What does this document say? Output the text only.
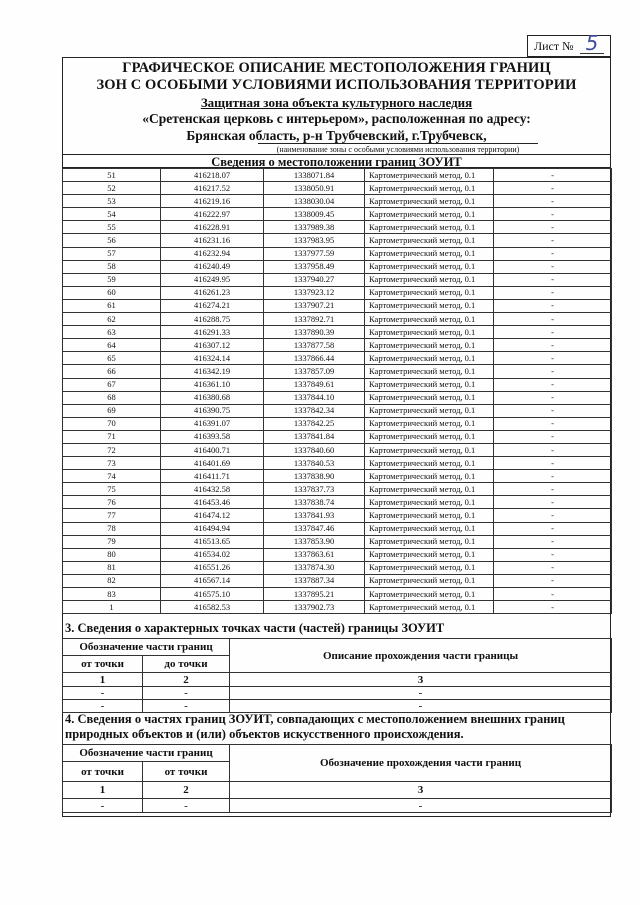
Лист № 5
ГРАФИЧЕСКОЕ ОПИСАНИЕ МЕСТОПОЛОЖЕНИЯ ГРАНИЦ
ЗОН С ОСОБЫМИ УСЛОВИЯМИ ИСПОЛЬЗОВАНИЯ ТЕРРИТОРИИ
Защитная зона объекта культурного наследия
«Сретенская церковь с интерьером», расположенная по адресу:
Брянская область, р-н Трубчевский, г.Трубчевск,
(наименование зоны с особыми условиями использования территории)
Сведения о местоположении границ ЗОУИТ
51	416218.07	1338071.84	Картометрический метод, 0.1	-
52	416217.52	1338050.91	Картометрический метод, 0.1	-
53	416219.16	1338030.04	Картометрический метод, 0.1	-
54	416222.97	1338009.45	Картометрический метод, 0.1	-
55	416228.91	1337989.38	Картометрический метод, 0.1	-
56	416231.16	1337983.95	Картометрический метод, 0.1	-
57	416232.94	1337977.59	Картометрический метод, 0.1	-
58	416240.49	1337958.49	Картометрический метод, 0.1	-
59	416249.95	1337940.27	Картометрический метод, 0.1	-
60	416261.23	1337923.12	Картометрический метод, 0.1	-
61	416274.21	1337907.21	Картометрический метод, 0.1	-
62	416288.75	1337892.71	Картометрический метод, 0.1	-
63	416291.33	1337890.39	Картометрический метод, 0.1	-
64	416307.12	1337877.58	Картометрический метод, 0.1	-
65	416324.14	1337866.44	Картометрический метод, 0.1	-
66	416342.19	1337857.09	Картометрический метод, 0.1	-
67	416361.10	1337849.61	Картометрический метод, 0.1	-
68	416380.68	1337844.10	Картометрический метод, 0.1	-
69	416390.75	1337842.34	Картометрический метод, 0.1	-
70	416391.07	1337842.25	Картометрический метод, 0.1	-
71	416393.58	1337841.84	Картометрический метод, 0.1	-
72	416400.71	1337840.60	Картометрический метод, 0.1	-
73	416401.69	1337840.53	Картометрический метод, 0.1	-
74	416411.71	1337838.90	Картометрический метод, 0.1	-
75	416432.58	1337837.73	Картометрический метод, 0.1	-
76	416453.46	1337838.74	Картометрический метод, 0.1	-
77	416474.12	1337841.93	Картометрический метод, 0.1	-
78	416494.94	1337847.46	Картометрический метод, 0.1	-
79	416513.65	1337853.90	Картометрический метод, 0.1	-
80	416534.02	1337863.61	Картометрический метод, 0.1	-
81	416551.26	1337874.30	Картометрический метод, 0.1	-
82	416567.14	1337887.34	Картометрический метод, 0.1	-
83	416575.10	1337895.21	Картометрический метод, 0.1	-
1	416582.53	1337902.73	Картометрический метод, 0.1	-
3. Сведения о характерных точках части (частей) границы ЗОУИТ
Обозначение части границ		Описание прохождения части границы
от точки	до точки	
1	2	3
-	-	-
-	-	-
4. Сведения о частях границ ЗОУИТ, совпадающих с местоположением внешних границ природных объектов и (или) объектов искусственного происхождения.
Обозначение части границ		Обозначение прохождения части границ
от точки	от точки	
1	2	3
-	-	-
